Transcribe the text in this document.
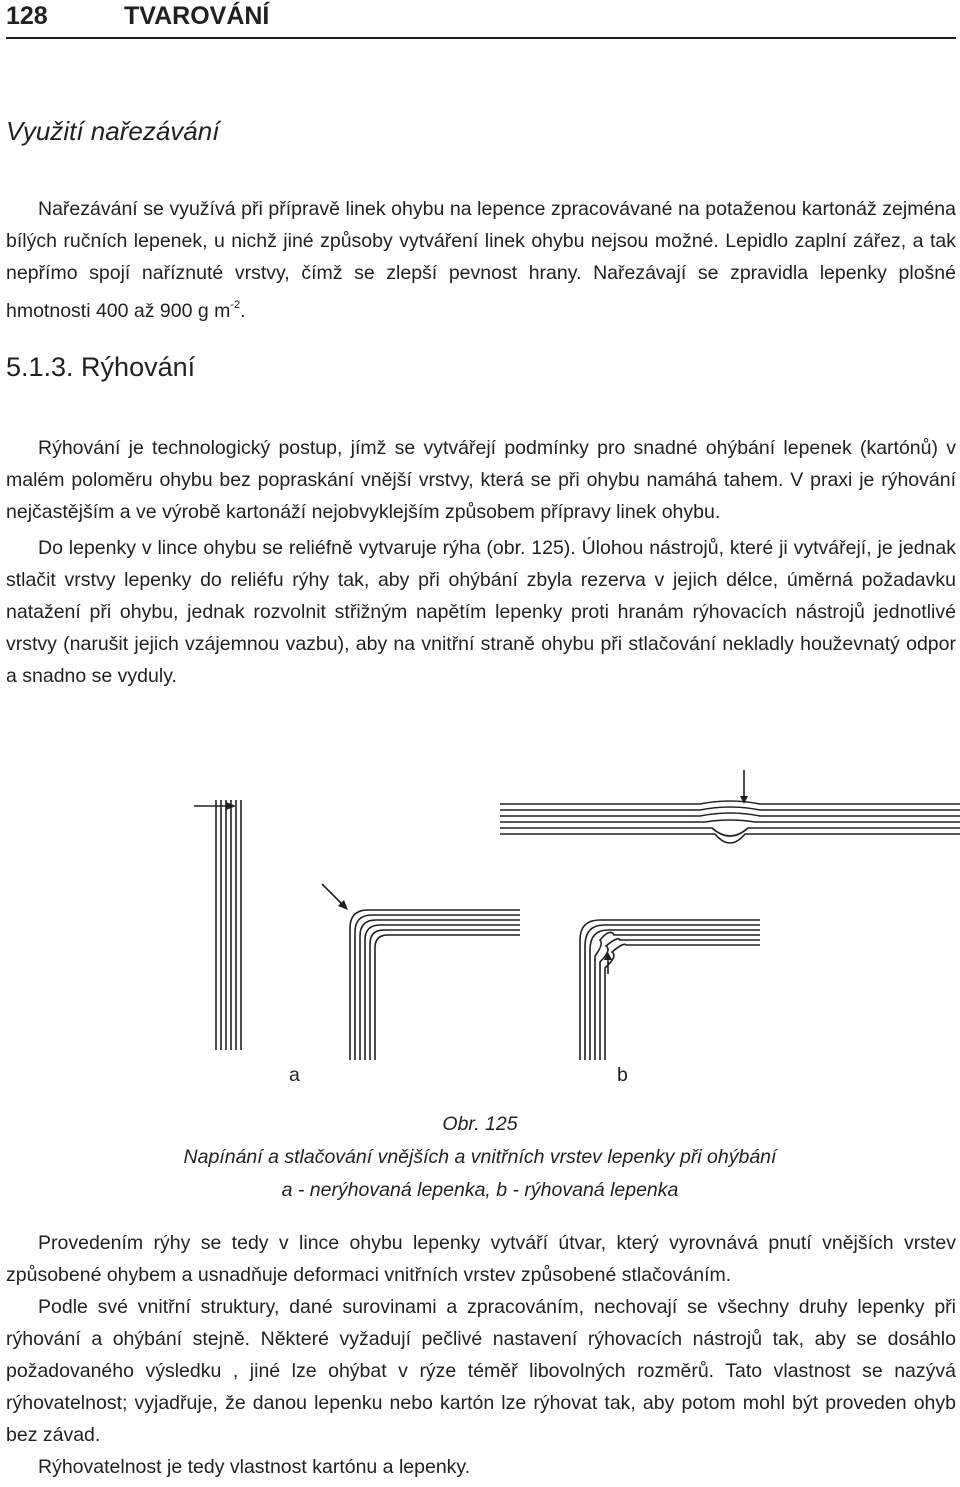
128	TVAROVÁNÍ
Využití nařezávání

Nařezávání se využívá při přípravě linek ohybu na lepence zpracovávané na potaženou kartonáž zejména bílých ručních lepenek, u nichž jiné způsoby vytváření linek ohybu nejsou možné. Lepidlo zaplní zářez, a tak nepřímo spojí naříznuté vrstvy, čímž se zlepší pevnost hrany. Nařezávají se zpravidla lepenky plošné hmotnosti 400 až 900 g $m^{-2}$.

5.1.3. Rýhování

Rýhování je technologický postup, jímž se vytvářejí podmínky pro snadné ohýbání lepenek (kartónů) v malém poloměru ohybu bez popraskání vnější vrstvy, která se při ohybu namáhá tahem. V praxi je rýhování nejčastějším a ve výrobě kartonáží nejobvyklejším způsobem přípravy linek ohybu.

Do lepenky v lince ohybu se reliéfně vytvaruje rýha (obr. 125). Úlohou nástrojů, které ji vytvářejí, je jednak stlačit vrstvy lepenky do reliéfu rýhy tak, aby při ohýbání zbyla rezerva v jejich délce, úměrná požadavku natažení při ohybu, jednak rozvolnit střižným napětím lepenky proti hranám rýhovacích nástrojů jednotlivé vrstvy (narušit jejich vzájemnou vazbu), aby na vnitřní straně ohybu při stlačování nekladly houževnatý odpor a snadno se vyduly.

a	b
Obr. 125
Napínání a stlačování vnějších a vnitřních vrstev lepenky při ohýbání
a - nerýhovaná lepenka, b - rýhovaná lepenka

Provedením rýhy se tedy v lince ohybu lepenky vytváří útvar, který vyrovnává pnutí vnějších vrstev způsobené ohybem a usnadňuje deformaci vnitřních vrstev způsobené stlačováním.

Podle své vnitřní struktury, dané surovinami a zpracováním, nechovají se všechny druhy lepenky při rýhování a ohýbání stejně. Některé vyžadují pečlivé nastavení rýhovacích nástrojů tak, aby se dosáhlo požadovaného výsledku , jiné lze ohýbat v rýze téměř libovolných rozměrů. Tato vlastnost se nazývá rýhovatelnost; vyjadřuje, že danou lepenku nebo kartón lze rýhovat tak, aby potom mohl být proveden ohyb bez závad.

Rýhovatelnost je tedy vlastnost kartónu a lepenky.
